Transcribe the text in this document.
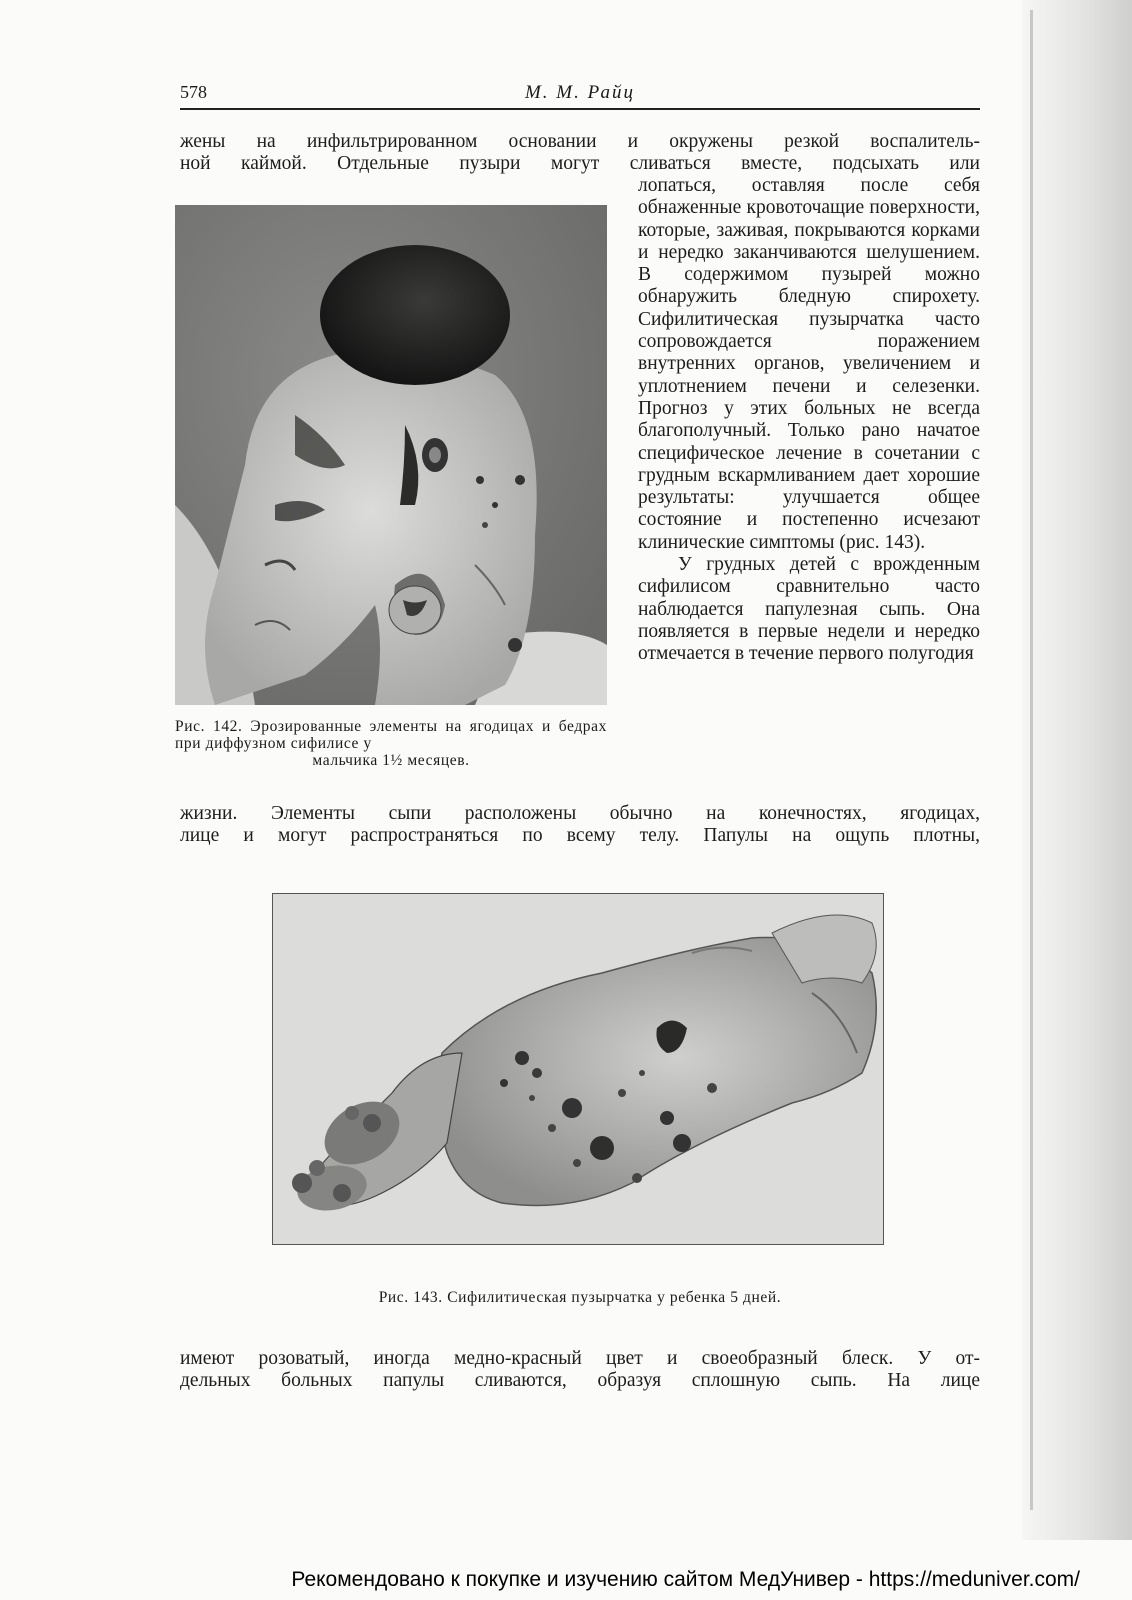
578	М. М. Райц

жены на инфильтрированном основании и окружены резкой воспалитель-

ной каймой. Отдельные пузыри могут сливаться вместе, подсыхать или

Рис. 142. Эрозированные элементы на ягодицах и бедрах при диффузном сифилисе у
мальчика 1½ месяцев.

лопаться, оставляя после себя обнаженные кровоточащие поверхности, которые, заживая, покрываются корками и нередко заканчиваются шелушением. В содержимом пузырей можно обнаружить бледную спирохету. Сифилитическая пузырчатка часто сопровождается поражением внутренних органов, увеличением и уплотнением печени и селезенки. Прогноз у этих больных не всегда благополучный. Только рано начатое специфическое лечение в сочетании с грудным вскармливанием дает хорошие результаты: улучшается общее состояние и постепенно исчезают клинические симптомы (рис. 143).

У грудных детей с врожденным сифилисом сравнительно часто наблюдается папулезная сыпь. Она появляется в первые недели и нередко отмечается в течение первого полугодия

жизни. Элементы сыпи расположены обычно на конечностях, ягодицах,

лице и могут распространяться по всему телу. Папулы на ощупь плотны,

Рис. 143. Сифилитическая пузырчатка у ребенка 5 дней.

имеют розоватый, иногда медно-красный цвет и своеобразный блеск. У от-

дельных больных папулы сливаются, образуя сплошную сыпь. На лице

Рекомендовано к покупке и изучению сайтом МедУнивер - https://meduniver.com/
